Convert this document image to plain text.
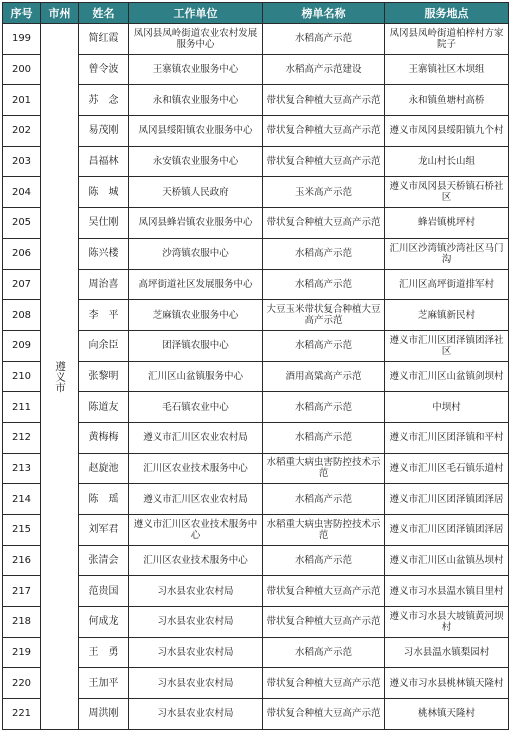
序号	市州	姓名	工作单位	榜单名称	服务地点
199	遵义市	简红霞	凤冈县凤岭街道农业农村发展服务中心	水稻高产示范	凤冈县凤岭街道柏梓村方家院子
200		曾令波	王寨镇农业服务中心	水稻高产示范建设	王寨镇社区木坝组
201		苏　念	永和镇农业服务中心	带状复合种植大豆高产示范	永和镇鱼塘村高桥
202		易茂刚	凤冈县绥阳镇农业服务中心	带状复合种植大豆高产示范	遵义市凤冈县绥阳镇九个村
203		昌福林	永安镇农业服务中心	带状复合种植大豆高产示范	龙山村长山组
204		陈　城	天桥镇人民政府	玉米高产示范	遵义市凤冈县天桥镇石桥社区
205		吴仕刚	凤冈县蜂岩镇农业服务中心	带状复合种植大豆高产示范	蜂岩镇桃坪村
206		陈兴楼	沙湾镇农服中心	水稻高产示范	汇川区沙湾镇沙湾社区马门沟
207		周治喜	高坪街道社区发展服务中心	水稻高产示范	汇川区高坪街道排军村
208		李　平	芝麻镇农业服务中心	大豆玉米带状复合种植大豆高产示范	芝麻镇新民村
209		向余臣	团泽镇农服中心	水稻高产示范	遵义市汇川区团泽镇团泽社区
210		张黎明	汇川区山盆镇服务中心	酒用高粱高产示范	遵义市汇川区山盆镇剑坝村
211		陈道友	毛石镇农业中心	水稻高产示范	中坝村
212		黄梅梅	遵义市汇川区农业农村局	水稻高产示范	遵义市汇川区团泽镇和平村
213		赵旋池	汇川区农业技术服务中心	水稻重大病虫害防控技术示范	遵义市汇川区毛石镇乐道村
214		陈　瑶	遵义市汇川区农业农村局	水稻高产示范	遵义市汇川区团泽镇团泽居
215		刘军君	遵义市汇川区农业技术服务中心	水稻重大病虫害防控技术示范	遵义市汇川区团泽镇团泽居
216		张清会	汇川区农业技术服务中心	水稻高产示范	遵义市汇川区山盆镇丛坝村
217		范贵国	习水县农业农村局	带状复合种植大豆高产示范	遵义市习水县温水镇目里村
218		何成龙	习水县农业农村局	带状复合种植大豆高产示范	遵义市习水县大坡镇黄河坝村
219		王　勇	习水县农业农村局	水稻高产示范	习水县温水镇梨园村
220		王加平	习水县农业农村局	带状复合种植大豆高产示范	遵义市习水县桃林镇天隆村
221		周洪刚	习水县农业农村局	带状复合种植大豆高产示范	桃林镇天隆村
